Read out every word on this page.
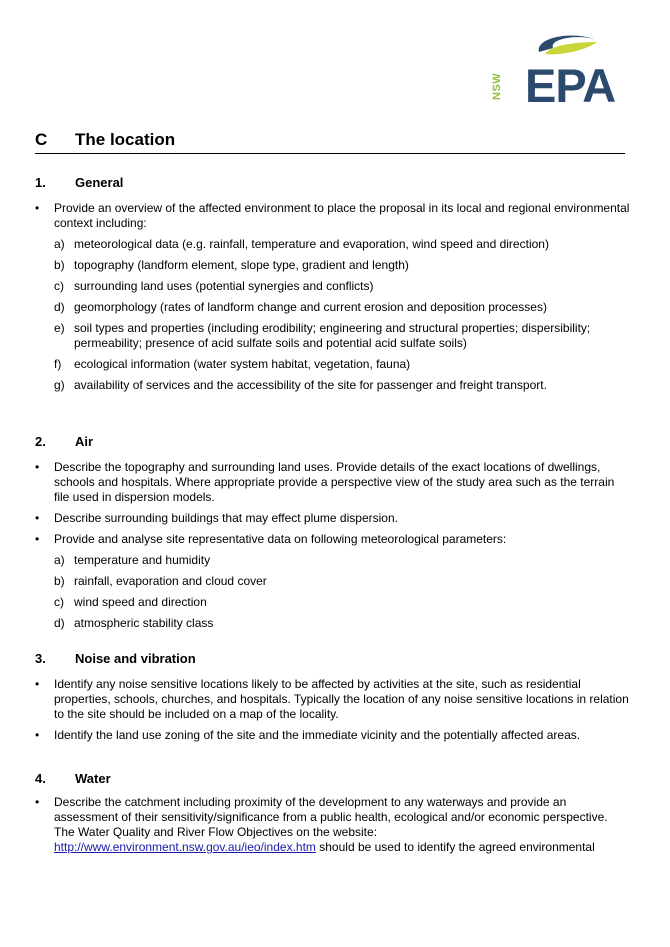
NSW EPA
C	The location
1.	General
•	Provide an overview of the affected environment to place the proposal in its local and regional environmental context including:
a) meteorological data (e.g. rainfall, temperature and evaporation, wind speed and direction)
b) topography (landform element, slope type, gradient and length)
c) surrounding land uses (potential synergies and conflicts)
d) geomorphology (rates of landform change and current erosion and deposition processes)
e) soil types and properties (including erodibility; engineering and structural properties; dispersibility; permeability; presence of acid sulfate soils and potential acid sulfate soils)
f)	ecological information (water system habitat, vegetation, fauna)
g) availability of services and the accessibility of the site for passenger and freight transport.
2.	Air
•	Describe the topography and surrounding land uses. Provide details of the exact locations of dwellings, schools and hospitals. Where appropriate provide a perspective view of the study area such as the terrain file used in dispersion models.
•	Describe surrounding buildings that may effect plume dispersion.
•	Provide and analyse site representative data on following meteorological parameters:
a) temperature and humidity
b) rainfall, evaporation and cloud cover
c) wind speed and direction
d) atmospheric stability class
3.	Noise and vibration
•	Identify any noise sensitive locations likely to be affected by activities at the site, such as residential properties, schools, churches, and hospitals. Typically the location of any noise sensitive locations in relation to the site should be included on a map of the locality.
•	Identify the land use zoning of the site and the immediate vicinity and the potentially affected areas.
4.	Water
•	Describe the catchment including proximity of the development to any waterways and provide an assessment of their sensitivity/significance from a public health, ecological and/or economic perspective. The Water Quality and River Flow Objectives on the website: http://www.environment.nsw.gov.au/ieo/index.htm should be used to identify the agreed environmental
